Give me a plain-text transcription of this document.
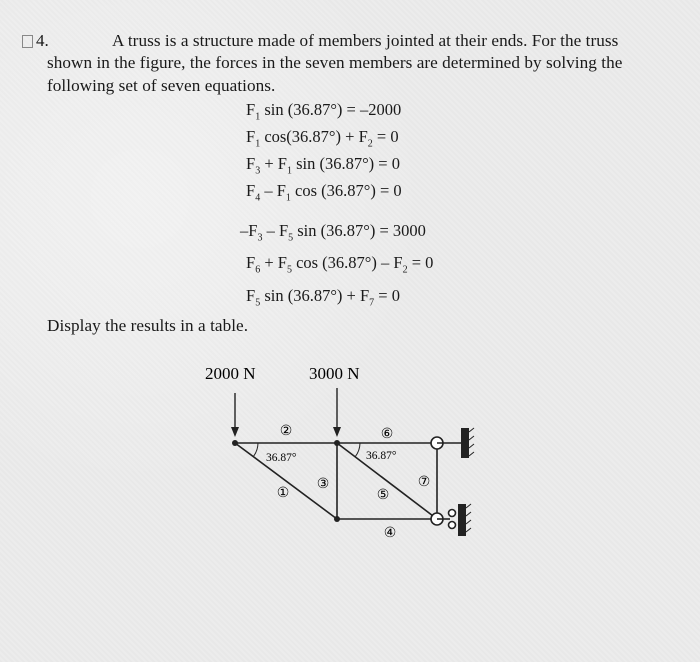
4.	A truss is a structure made of members jointed at their ends. For the truss
shown in the figure, the forces in the seven members are determined by solving the
following set of seven equations.
$F_1$ sin (36.87°) = –2000
$F_1$ $\cos(36.87^\circ) + F_2 = 0$
$F_3 + F_1$ sin (36.87°) = 0
$F_4 - F_1$ cos (36.87°) = 0
$-F_3 - F_5$ sin (36.87°) = 3000
$F_6 + F_5$ $\cos (36.87^\circ) - F_2 = 0$
$F_5$ $\sin (36.87^\circ) + F_7 = 0$
Display the results in a table.
2000 N	3000 N
36.87°	36.87°
②
①
③
⑥
⑤
④
⑦
